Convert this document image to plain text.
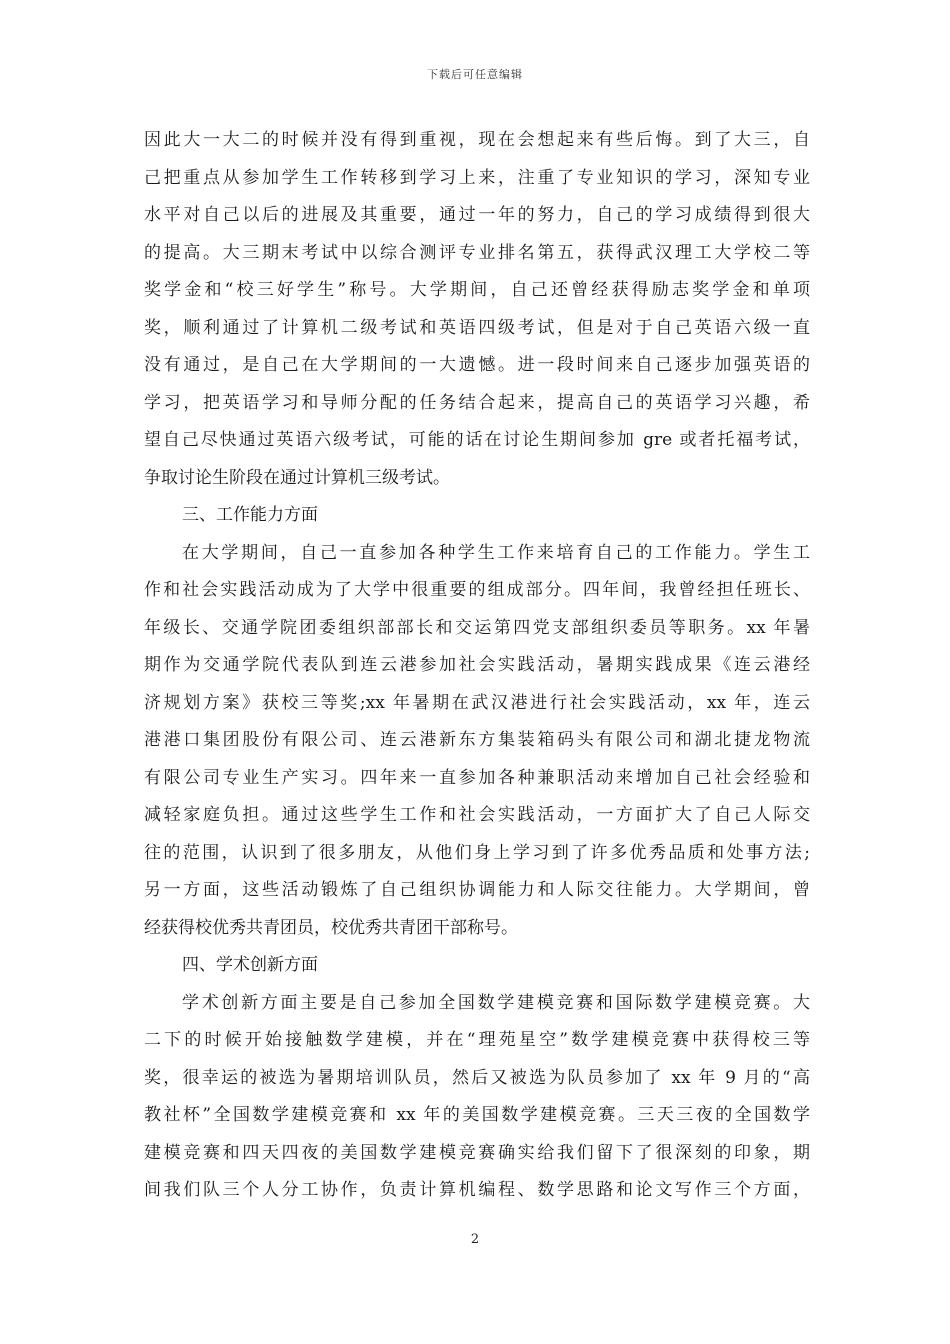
下载后可任意编辑
因此大一大二的时候并没有得到重视，现在会想起来有些后悔。到了大三，自
己把重点从参加学生工作转移到学习上来，注重了专业知识的学习，深知专业
水平对自己以后的进展及其重要，通过一年的努力，自己的学习成绩得到很大
的提高。大三期末考试中以综合测评专业排名第五，获得武汉理工大学校二等
奖学金和“校三好学生”称号。大学期间，自己还曾经获得励志奖学金和单项
奖，顺利通过了计算机二级考试和英语四级考试，但是对于自己英语六级一直
没有通过，是自己在大学期间的一大遗憾。进一段时间来自己逐步加强英语的
学习，把英语学习和导师分配的任务结合起来，提高自己的英语学习兴趣，希
望自己尽快通过英语六级考试，可能的话在讨论生期间参加 gre 或者托福考试，
争取讨论生阶段在通过计算机三级考试。
三、工作能力方面
在大学期间，自己一直参加各种学生工作来培育自己的工作能力。学生工
作和社会实践活动成为了大学中很重要的组成部分。四年间，我曾经担任班长、
年级长、交通学院团委组织部部长和交运第四党支部组织委员等职务。xx 年暑
期作为交通学院代表队到连云港参加社会实践活动，暑期实践成果《连云港经
济规划方案》获校三等奖;xx 年暑期在武汉港进行社会实践活动，xx 年，连云
港港口集团股份有限公司、连云港新东方集装箱码头有限公司和湖北捷龙物流
有限公司专业生产实习。四年来一直参加各种兼职活动来增加自己社会经验和
减轻家庭负担。通过这些学生工作和社会实践活动，一方面扩大了自己人际交
往的范围，认识到了很多朋友，从他们身上学习到了许多优秀品质和处事方法;
另一方面，这些活动锻炼了自己组织协调能力和人际交往能力。大学期间，曾
经获得校优秀共青团员，校优秀共青团干部称号。
四、学术创新方面
学术创新方面主要是自己参加全国数学建模竞赛和国际数学建模竞赛。大
二下的时候开始接触数学建模，并在“理苑星空”数学建模竞赛中获得校三等
奖，很幸运的被选为暑期培训队员，然后又被选为队员参加了 xx 年 9 月的“高
教社杯”全国数学建模竞赛和 xx 年的美国数学建模竞赛。三天三夜的全国数学
建模竞赛和四天四夜的美国数学建模竞赛确实给我们留下了很深刻的印象，期
间我们队三个人分工协作，负责计算机编程、数学思路和论文写作三个方面，
2
